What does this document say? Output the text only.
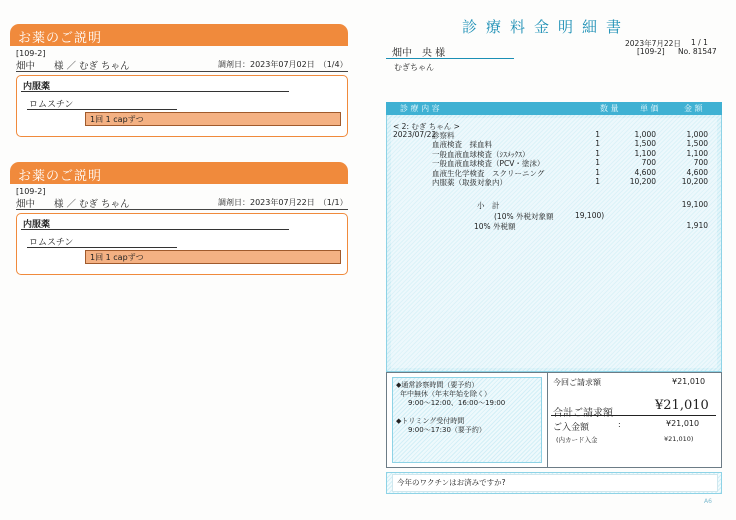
お薬のご説明
[109-2]
畑中　　様 ／ むぎ ちゃん	調剤日：2023年07月02日　（1/4）
内服薬
ロムスチン
1回 1 capずつ
お薬のご説明
[109-2]
畑中　　様 ／ むぎ ちゃん	調剤日：2023年07月22日　（1/1）
内服薬
ロムスチン
1回 1 capずつ
診療料金明細書
2023年7月22日 1 / 1
[109-2] No. 81547
畑中　央 様
むぎちゃん
診 療 内 容	数 量	単 価	金 額
< 2: むぎ ちゃん >
2023/07/22
診察料	1	1,000	1,000
血液検査　採血料	1	1,500	1,500
一般血液血球検査（ｼｽﾒｯｸｽ）	1	1,100	1,100
一般血液血球検査（PCV・塗沫）	1	700	700
血液生化学検査　スクリーニング	1	4,600	4,600
内服薬（取扱対象内）	1	10,200	10,200
小　計	19,100
(10% 外税対象額	19,100)
10% 外税額	1,910
◆通常診察時間（要予約）
年中無休（年末年始を除く）
9:00〜12:00、16:00〜19:00
◆トリミング受付時間
9:00〜17:30（要予約）
今回ご請求額	¥21,010
合計ご請求額
¥21,010
ご入金額	:	¥21,010
(内カード入金	¥21,010)
今年のワクチンはお済みですか?
A6
